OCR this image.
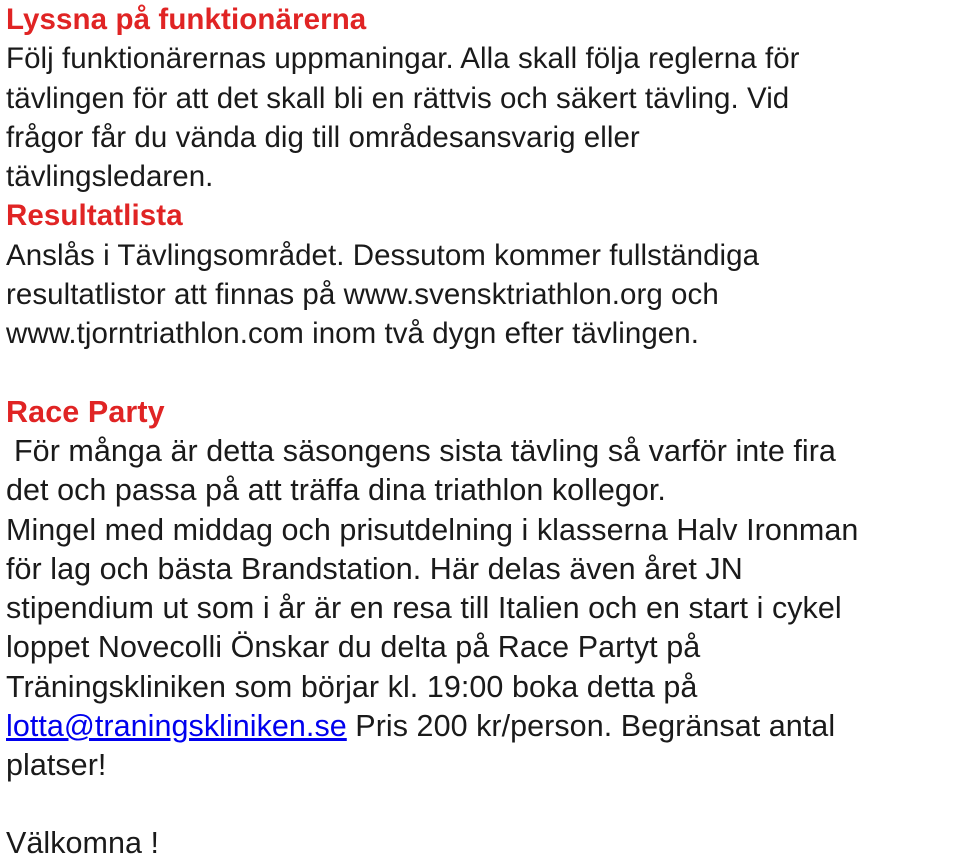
Lyssna på funktionärerna
Följ funktionärernas uppmaningar. Alla skall följa reglerna för
tävlingen för att det skall bli en rättvis och säkert tävling. Vid
frågor får du vända dig till områdesansvarig eller
tävlingsledaren.
Resultatlista
Anslås i Tävlingsområdet. Dessutom kommer fullständiga
resultatlistor att finnas på www.svensktriathlon.org och
www.tjorntriathlon.com inom två dygn efter tävlingen.
Race Party
För många är detta säsongens sista tävling så varför inte fira
det och passa på att träffa dina triathlon kollegor.
Mingel med middag och prisutdelning i klasserna Halv Ironman
för lag och bästa Brandstation. Här delas även året JN
stipendium ut som i år är en resa till Italien och en start i cykel
loppet Novecolli Önskar du delta på Race Partyt på
Träningskliniken som börjar kl. 19:00 boka detta på
lotta@traningskliniken.se Pris 200 kr/person. Begränsat antal
platser!
Välkomna !
